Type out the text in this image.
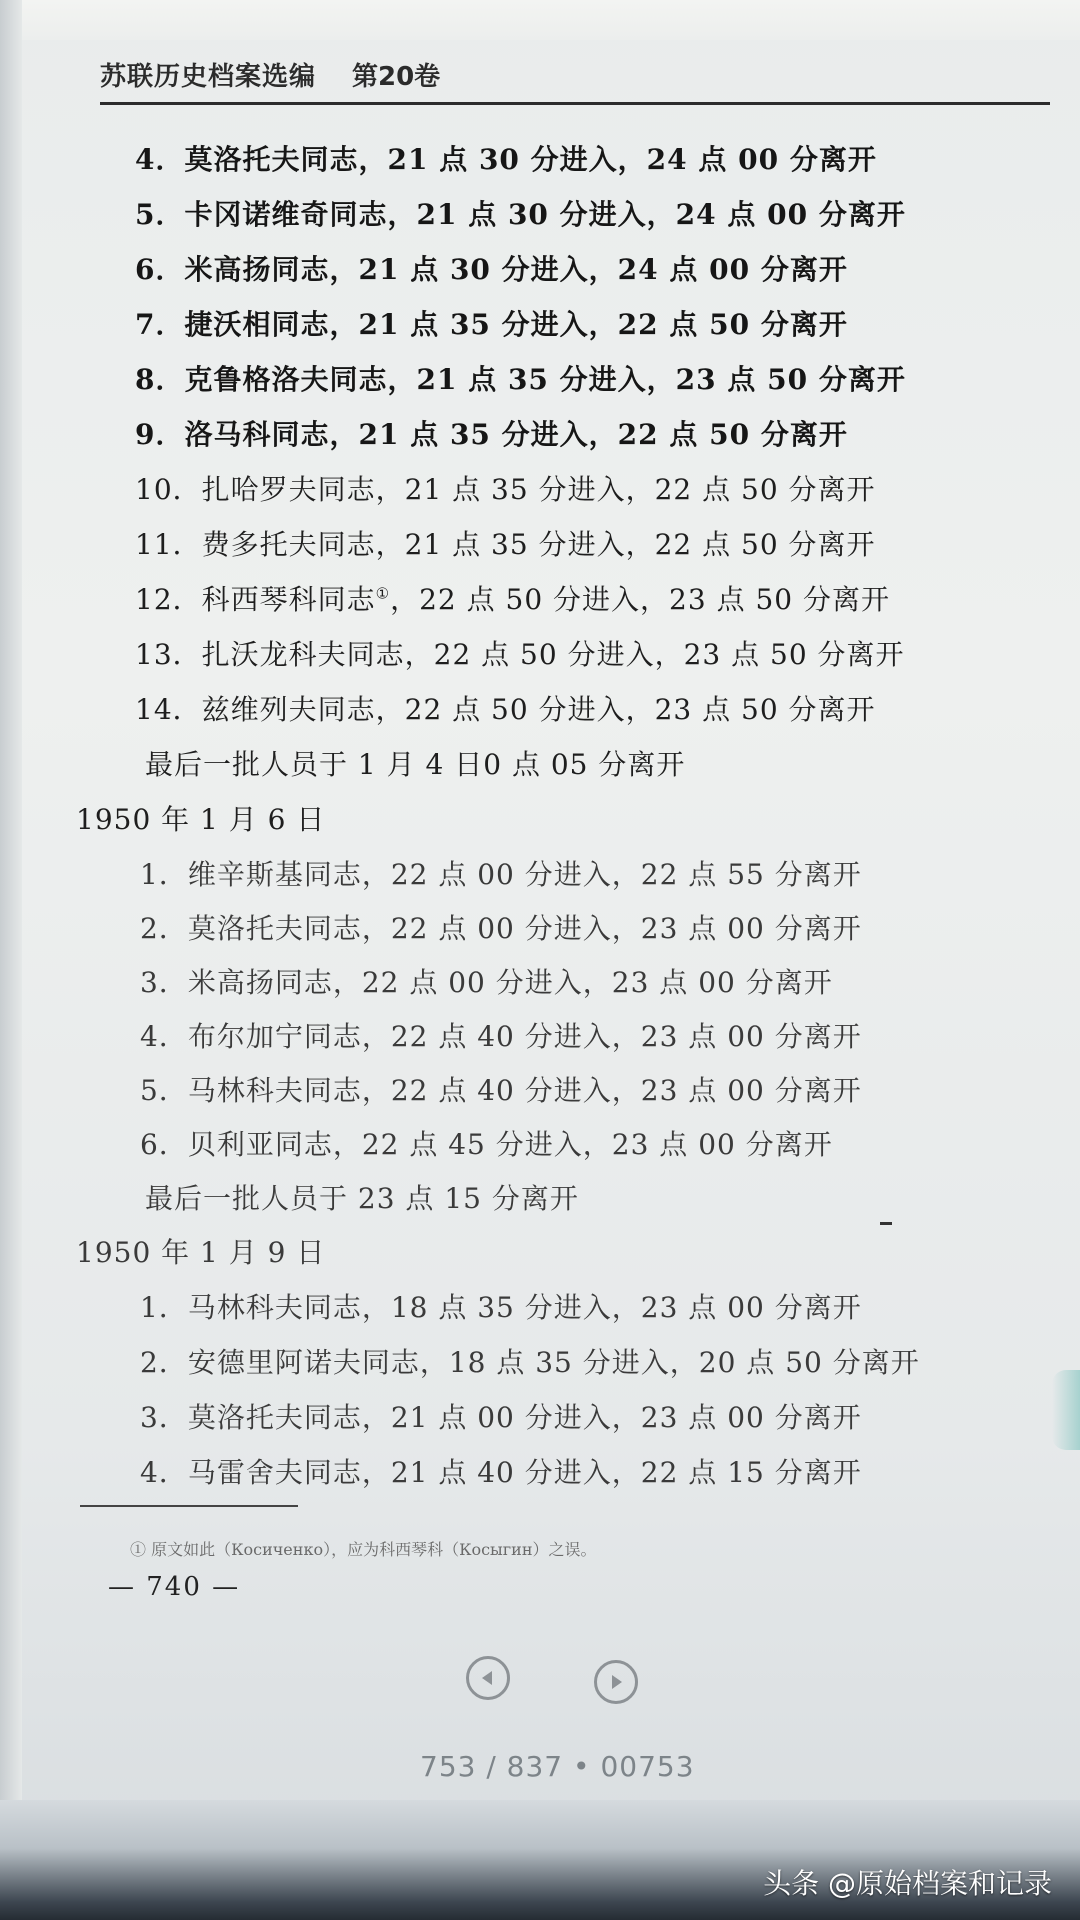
苏联历史档案选编 第20卷
4．莫洛托夫同志，21 点 30 分进入，24 点 00 分离开
5．卡冈诺维奇同志，21 点 30 分进入，24 点 00 分离开
6．米高扬同志，21 点 30 分进入，24 点 00 分离开
7．捷沃相同志，21 点 35 分进入，22 点 50 分离开
8．克鲁格洛夫同志，21 点 35 分进入，23 点 50 分离开
9．洛马科同志，21 点 35 分进入，22 点 50 分离开
10．扎哈罗夫同志，21 点 35 分进入，22 点 50 分离开
11．费多托夫同志，21 点 35 分进入，22 点 50 分离开
12．科西琴科同志①，22 点 50 分进入，23 点 50 分离开
13．扎沃龙科夫同志，22 点 50 分进入，23 点 50 分离开
14．兹维列夫同志，22 点 50 分进入，23 点 50 分离开
最后一批人员于 1 月 4 日0 点 05 分离开
1950 年 1 月 6 日
1．维辛斯基同志，22 点 00 分进入，22 点 55 分离开
2．莫洛托夫同志，22 点 00 分进入，23 点 00 分离开
3．米高扬同志，22 点 00 分进入，23 点 00 分离开
4．布尔加宁同志，22 点 40 分进入，23 点 00 分离开
5．马林科夫同志，22 点 40 分进入，23 点 00 分离开
6．贝利亚同志，22 点 45 分进入，23 点 00 分离开
最后一批人员于 23 点 15 分离开
1950 年 1 月 9 日
1．马林科夫同志，18 点 35 分进入，23 点 00 分离开
2．安德里阿诺夫同志，18 点 35 分进入，20 点 50 分离开
3．莫洛托夫同志，21 点 00 分进入，23 点 00 分离开
4．马雷舍夫同志，21 点 40 分进入，22 点 15 分离开
① 原文如此（Косиченко），应为科西琴科（Косыгин）之误。
— 740 —
753 / 837 • 00753
头条 @原始档案和记录
